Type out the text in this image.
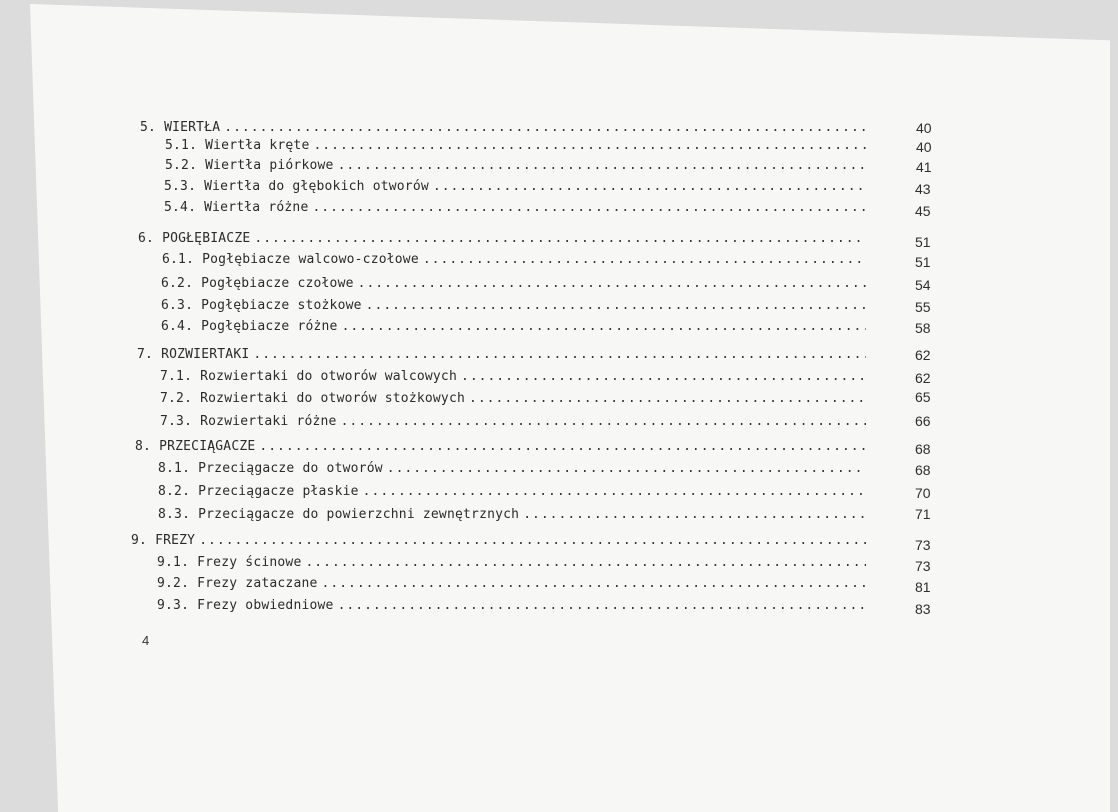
5. WIERTŁA .....	40
5.1. Wiertła kręte .....	40
5.2. Wiertła piórkowe .....	41
5.3. Wiertła do głębokich otworów .....	43
5.4. Wiertła różne .....	45
6. POGŁĘBIACZE .....	51
6.1. Pogłębiacze walcowo-czołowe .....	51
6.2. Pogłębiacze czołowe .....	54
6.3. Pogłębiacze stożkowe .....	55
6.4. Pogłębiacze różne .....	58
7. ROZWIERTAKI .....	62
7.1. Rozwiertaki do otworów walcowych .....	62
7.2. Rozwiertaki do otworów stożkowych .....	65
7.3. Rozwiertaki różne .....	66
8. PRZECIĄGACZE .....	68
8.1. Przeciągacze do otworów .....	68
8.2. Przeciągacze płaskie .....	70
8.3. Przeciągacze do powierzchni zewnętrznych .....	71
9. FREZY .....	73
9.1. Frezy ścinowe .....	73
9.2. Frezy zataczane .....	81
9.3. Frezy obwiedniowe .....	83
4
